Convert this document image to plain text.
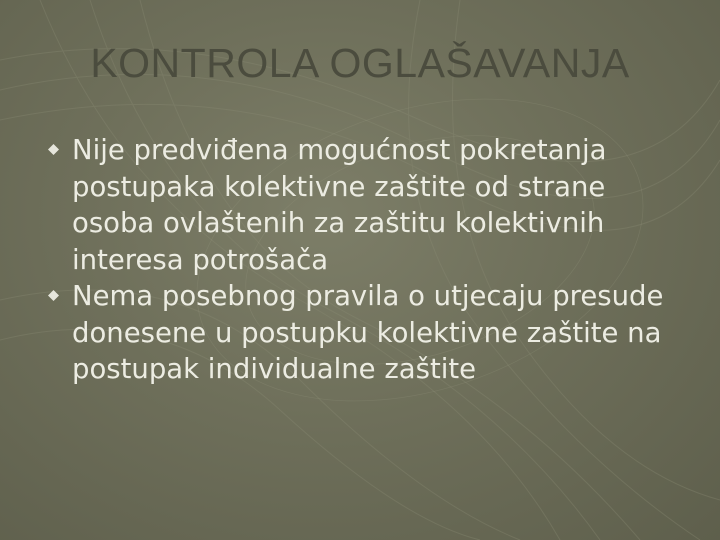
KONTROLA OGLAŠAVANJA
Nije predviđena mogućnost pokretanja postupaka kolektivne zaštite od strane osoba ovlaštenih za zaštitu kolektivnih interesa potrošača
Nema posebnog pravila o utjecaju presude donesene u postupku kolektivne zaštite na postupak individualne zaštite
